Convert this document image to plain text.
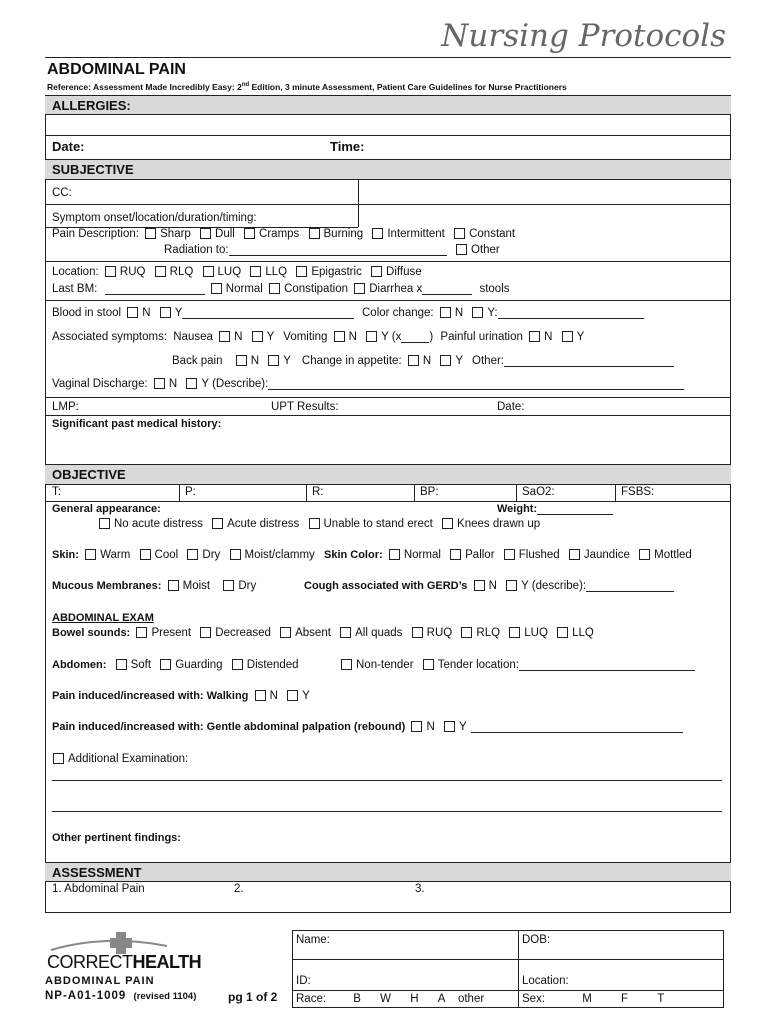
Nursing Protocols
ABDOMINAL PAIN
Reference: Assessment Made Incredibly Easy: 2nd Edition, 3 minute Assessment, Patient Care Guidelines for Nurse Practitioners
ALLERGIES:
Date:	Time:
SUBJECTIVE
CC:
Symptom onset/location/duration/timing:
Pain Description: Sharp Dull Cramps Burning Intermittent Constant
Radiation to:	Other
Location: RUQ RLQ LUQ LLQ Epigastric Diffuse
Last BM:	Normal Constipation Diarrhea x	stools
Blood in stool N Y	Color change: N Y:
Associated symptoms: Nausea N Y Vomiting N Y (x ) Painful urination N Y
Back pain N Y Change in appetite: N Y Other:
Vaginal Discharge: N Y (Describe):
LMP:	UPT Results:	Date:
Significant past medical history:
OBJECTIVE
T:	P:	R:	BP:	SaO2:	FSBS:
General appearance:	Weight:
No acute distress Acute distress Unable to stand erect Knees drawn up
Skin: Warm Cool Dry Moist/clammy Skin Color: Normal Pallor Flushed Jaundice Mottled
Mucous Membranes: Moist Dry	Cough associated with GERD’s N Y (describe):
ABDOMINAL EXAM
Bowel sounds: Present Decreased Absent All quads RUQ RLQ LUQ LLQ
Abdomen: Soft Guarding Distended	Non-tender Tender location:
Pain induced/increased with: Walking N Y
Pain induced/increased with: Gentle abdominal palpation (rebound) N Y
Additional Examination:
Other pertinent findings:
ASSESSMENT
1. Abdominal Pain	2.	3.
CORRECTHEALTH
ABDOMINAL PAIN
NP-A01-1009 (revised 1104)	pg 1 of 2
Name:	DOB:
ID:	Location:
Race: B W H A other	Sex:	M	F	T
